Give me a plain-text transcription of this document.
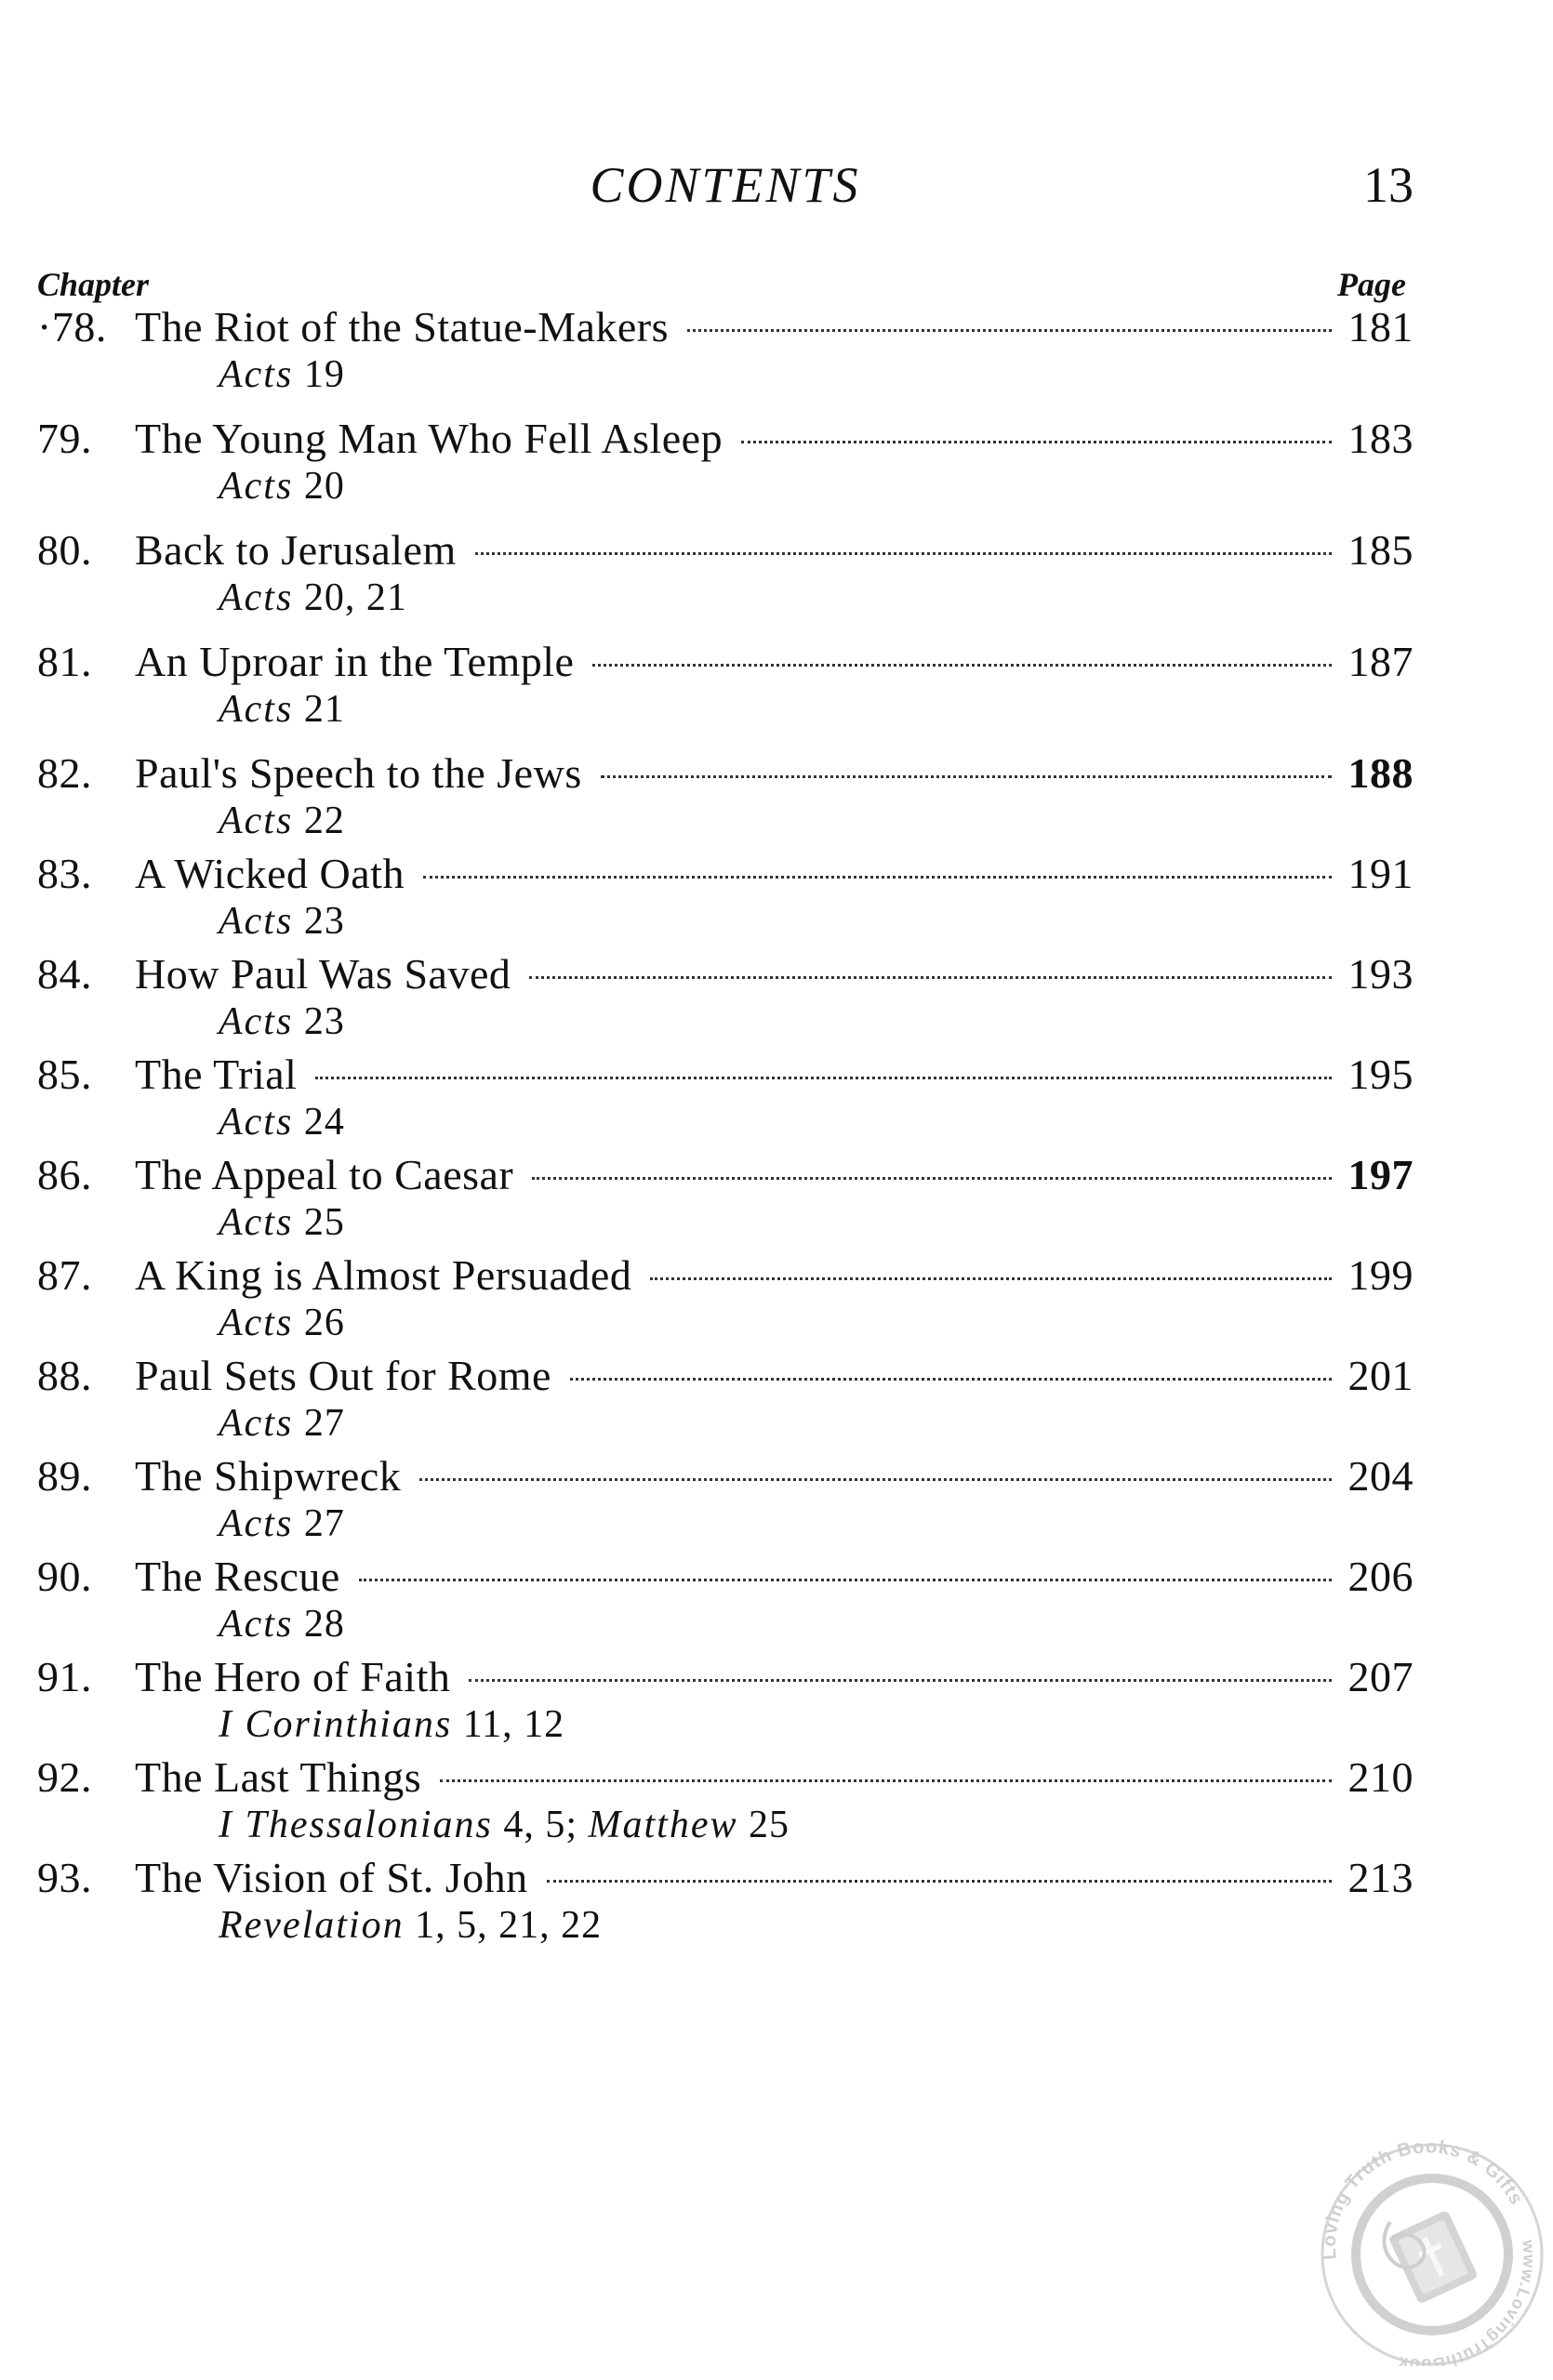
CONTENTS	13
Chapter	Page
·78. The Riot of the Statue-Makers	181
Acts 19
79.	The Young Man Who Fell Asleep	183
Acts 20
80.	Back to Jerusalem	185
Acts 20, 21
81.	An Uproar in the Temple	187
Acts 21
82.	Paul's Speech to the Jews	188
Acts 22
83.	A Wicked Oath	191
Acts 23
84.	How Paul Was Saved	193
Acts 23
85.	The Trial	195
Acts 24
86.	The Appeal to Caesar	197
Acts 25
87.	A King is Almost Persuaded	199
Acts 26
88.	Paul Sets Out for Rome	201
Acts 27
89.	The Shipwreck	204
Acts 27
90.	The Rescue	206
Acts 28
91.	The Hero of Faith	207
I Corinthians 11, 12
92.	The Last Things	210
I Thessalonians 4, 5; Matthew 25
93.	The Vision of St. John	213
Revelation 1, 5, 21, 22
Loving Truth Books & Gifts
www.LovingTruthBook
